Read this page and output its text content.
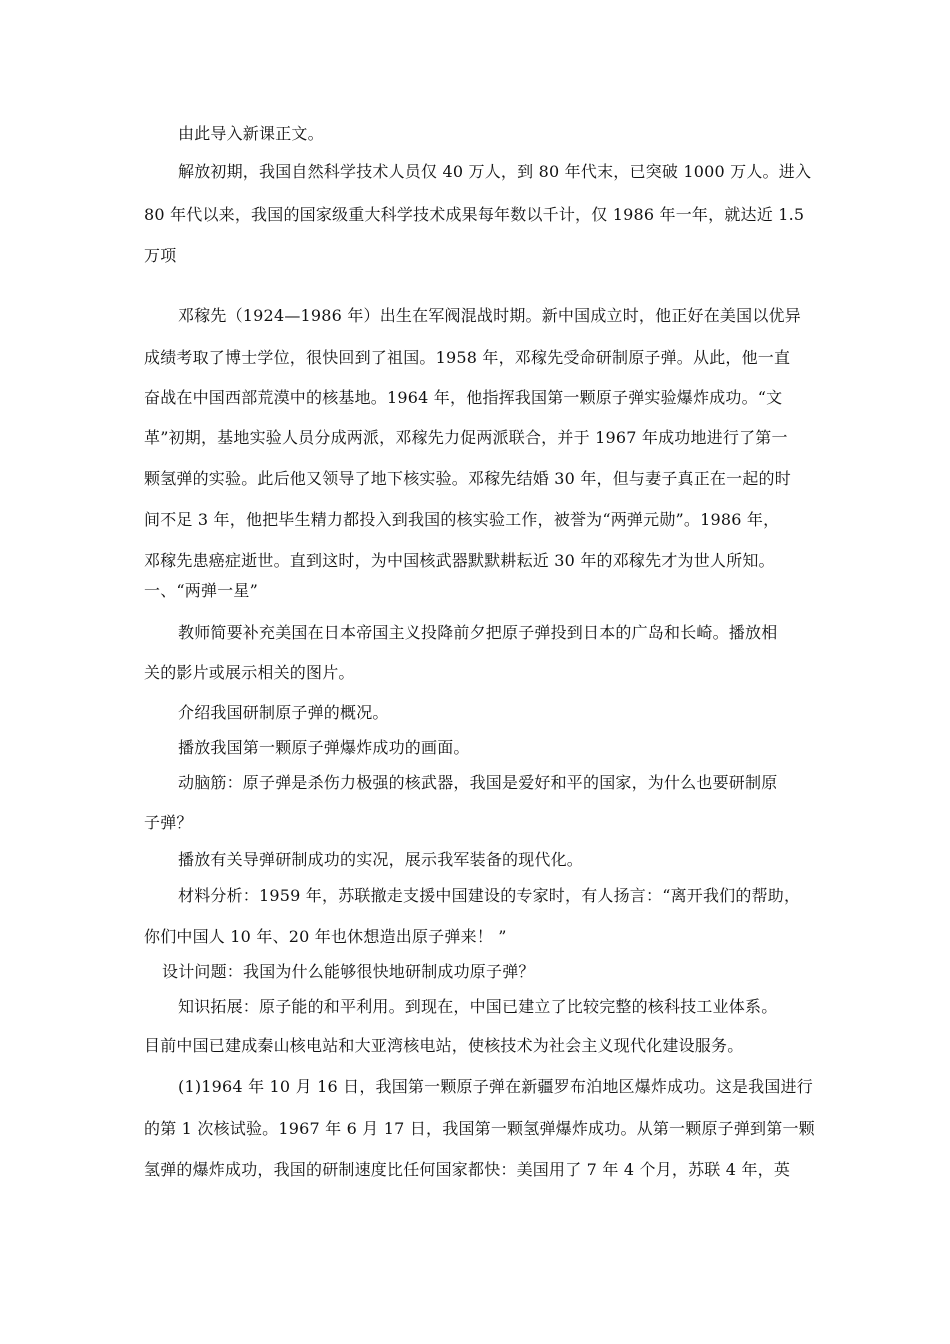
由此导入新课正文。
解放初期，我国自然科学技术人员仅 40 万人，到 80 年代末，已突破 1000 万人。进入
80 年代以来，我国的国家级重大科学技术成果每年数以千计，仅 1986 年一年，就达近 1.5
万项
邓稼先（1924—1986 年）出生在军阀混战时期。新中国成立时，他正好在美国以优异
成绩考取了博士学位，很快回到了祖国。1958 年，邓稼先受命研制原子弹。从此，他一直
奋战在中国西部荒漠中的核基地。1964 年，他指挥我国第一颗原子弹实验爆炸成功。“文
革”初期，基地实验人员分成两派，邓稼先力促两派联合，并于 1967 年成功地进行了第一
颗氢弹的实验。此后他又领导了地下核实验。邓稼先结婚 30 年，但与妻子真正在一起的时
间不足 3 年，他把毕生精力都投入到我国的核实验工作，被誉为“两弹元勋”。1986 年，
邓稼先患癌症逝世。直到这时，为中国核武器默默耕耘近 30 年的邓稼先才为世人所知。
一、“两弹一星”
教师简要补充美国在日本帝国主义投降前夕把原子弹投到日本的广岛和长崎。播放相
关的影片或展示相关的图片。
介绍我国研制原子弹的概况。
播放我国第一颗原子弹爆炸成功的画面。
动脑筋：原子弹是杀伤力极强的核武器，我国是爱好和平的国家，为什么也要研制原
子弹？
播放有关导弹研制成功的实况，展示我军装备的现代化。
材料分析：1959 年，苏联撤走支援中国建设的专家时，有人扬言：“离开我们的帮助，
你们中国人 10 年、20 年也休想造出原子弹来！ ”
设计问题：我国为什么能够很快地研制成功原子弹？
知识拓展：原子能的和平利用。到现在，中国已建立了比较完整的核科技工业体系。
目前中国已建成秦山核电站和大亚湾核电站，使核技术为社会主义现代化建设服务。
(1)1964 年 10 月 16 日，我国第一颗原子弹在新疆罗布泊地区爆炸成功。这是我国进行
的第 1 次核试验。1967 年 6 月 17 日，我国第一颗氢弹爆炸成功。从第一颗原子弹到第一颗
氢弹的爆炸成功，我国的研制速度比任何国家都快：美国用了 7 年 4 个月，苏联 4 年，英
